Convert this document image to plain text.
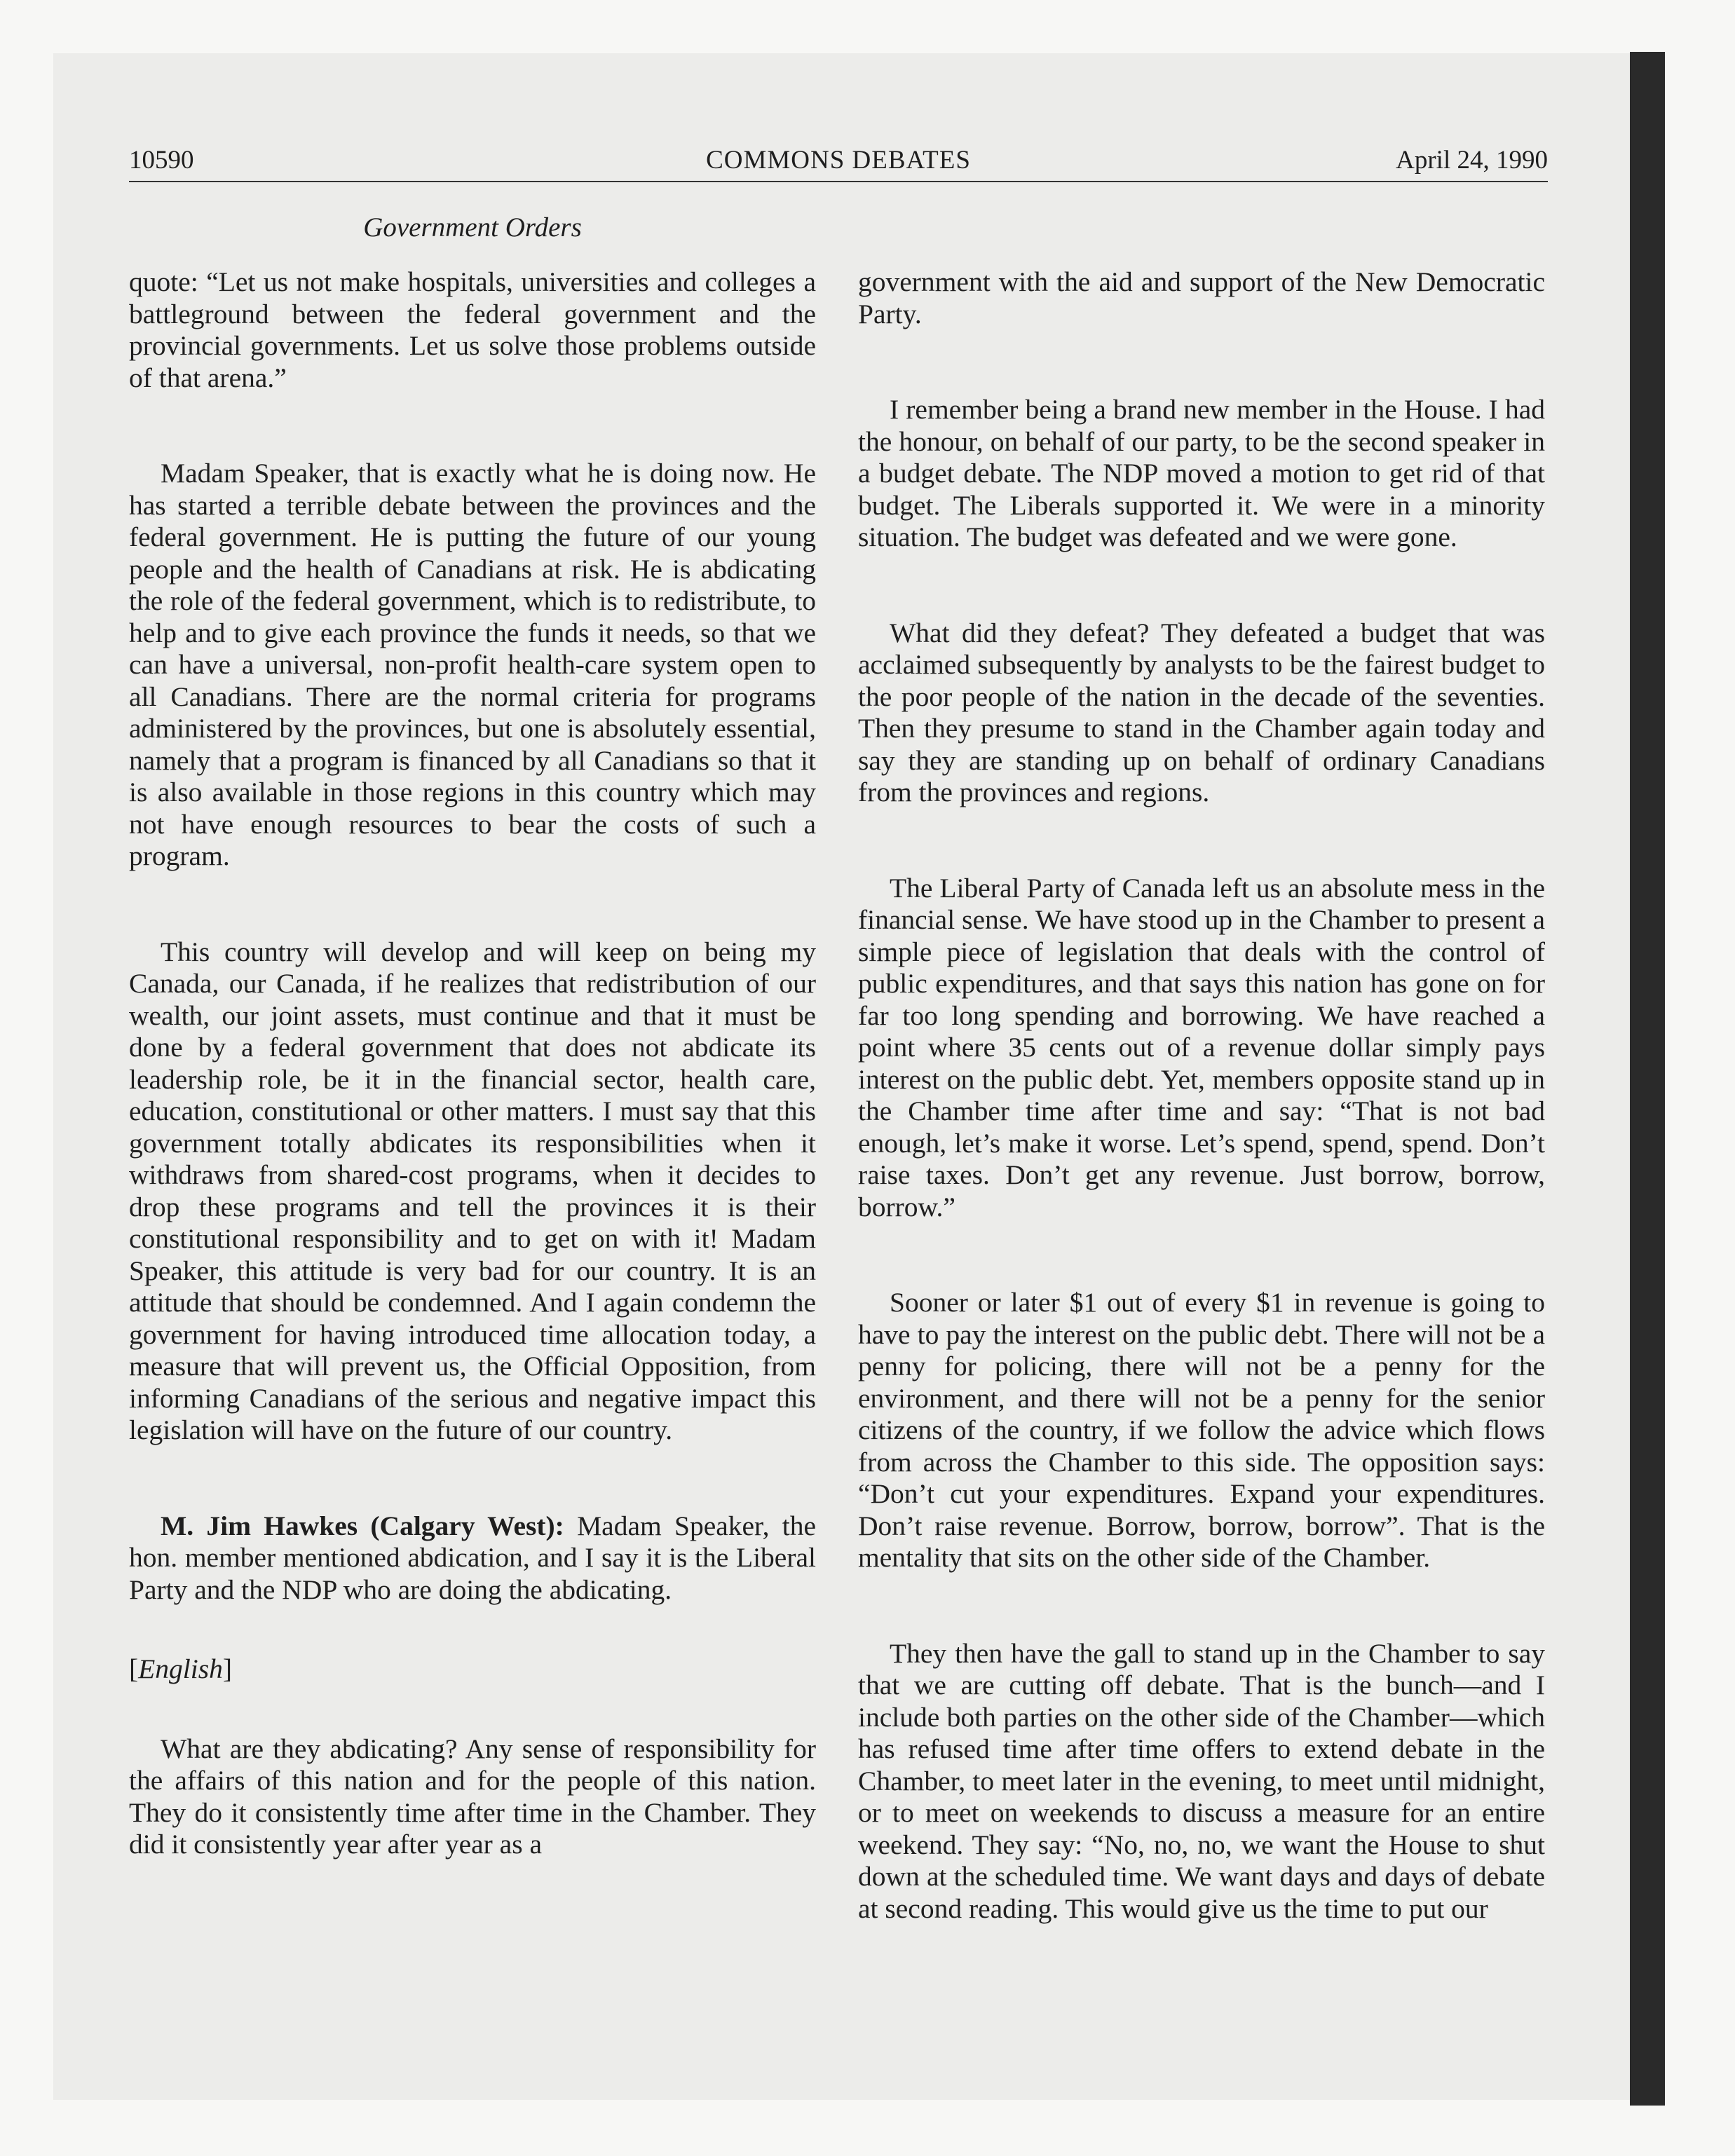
10590	COMMONS DEBATES	April 24, 1990
Government Orders

quote: “Let us not make hospitals, universities and colleges a battleground between the federal government and the provincial governments. Let us solve those problems outside of that arena.”

Madam Speaker, that is exactly what he is doing now. He has started a terrible debate between the provinces and the federal government. He is putting the future of our young people and the health of Canadians at risk. He is abdicating the role of the federal government, which is to redistribute, to help and to give each province the funds it needs, so that we can have a universal, non-profit health-care system open to all Canadians. There are the normal criteria for programs administered by the provinces, but one is absolutely essential, namely that a program is financed by all Canadians so that it is also available in those regions in this country which may not have enough resources to bear the costs of such a program.

This country will develop and will keep on being my Canada, our Canada, if he realizes that redistribution of our wealth, our joint assets, must continue and that it must be done by a federal government that does not abdicate its leadership role, be it in the financial sector, health care, education, constitutional or other matters. I must say that this government totally abdicates its responsibilities when it withdraws from shared-cost programs, when it decides to drop these programs and tell the provinces it is their constitutional responsibility and to get on with it! Madam Speaker, this attitude is very bad for our country. It is an attitude that should be condemned. And I again condemn the government for having introduced time allocation today, a measure that will prevent us, the Official Opposition, from informing Canadians of the serious and negative impact this legislation will have on the future of our country.

M. Jim Hawkes (Calgary West): Madam Speaker, the hon. member mentioned abdication, and I say it is the Liberal Party and the NDP who are doing the abdicating.

[English]

What are they abdicating? Any sense of responsibility for the affairs of this nation and for the people of this nation. They do it consistently time after time in the Chamber. They did it consistently year after year as a

government with the aid and support of the New Democratic Party.

I remember being a brand new member in the House. I had the honour, on behalf of our party, to be the second speaker in a budget debate. The NDP moved a motion to get rid of that budget. The Liberals supported it. We were in a minority situation. The budget was defeated and we were gone.

What did they defeat? They defeated a budget that was acclaimed subsequently by analysts to be the fairest budget to the poor people of the nation in the decade of the seventies. Then they presume to stand in the Chamber again today and say they are standing up on behalf of ordinary Canadians from the provinces and regions.

The Liberal Party of Canada left us an absolute mess in the financial sense. We have stood up in the Chamber to present a simple piece of legislation that deals with the control of public expenditures, and that says this nation has gone on for far too long spending and borrowing. We have reached a point where 35 cents out of a revenue dollar simply pays interest on the public debt. Yet, members opposite stand up in the Chamber time after time and say: “That is not bad enough, let’s make it worse. Let’s spend, spend, spend. Don’t raise taxes. Don’t get any revenue. Just borrow, borrow, borrow.”

Sooner or later $1 out of every $1 in revenue is going to have to pay the interest on the public debt. There will not be a penny for policing, there will not be a penny for the environment, and there will not be a penny for the senior citizens of the country, if we follow the advice which flows from across the Chamber to this side. The opposition says: “Don’t cut your expenditures. Expand your expenditures. Don’t raise revenue. Borrow, borrow, borrow”. That is the mentality that sits on the other side of the Chamber.

They then have the gall to stand up in the Chamber to say that we are cutting off debate. That is the bunch—and I include both parties on the other side of the Chamber—which has refused time after time offers to extend debate in the Chamber, to meet later in the evening, to meet until midnight, or to meet on weekends to discuss a measure for an entire weekend. They say: “No, no, no, we want the House to shut down at the scheduled time. We want days and days of debate at second reading. This would give us the time to put our
